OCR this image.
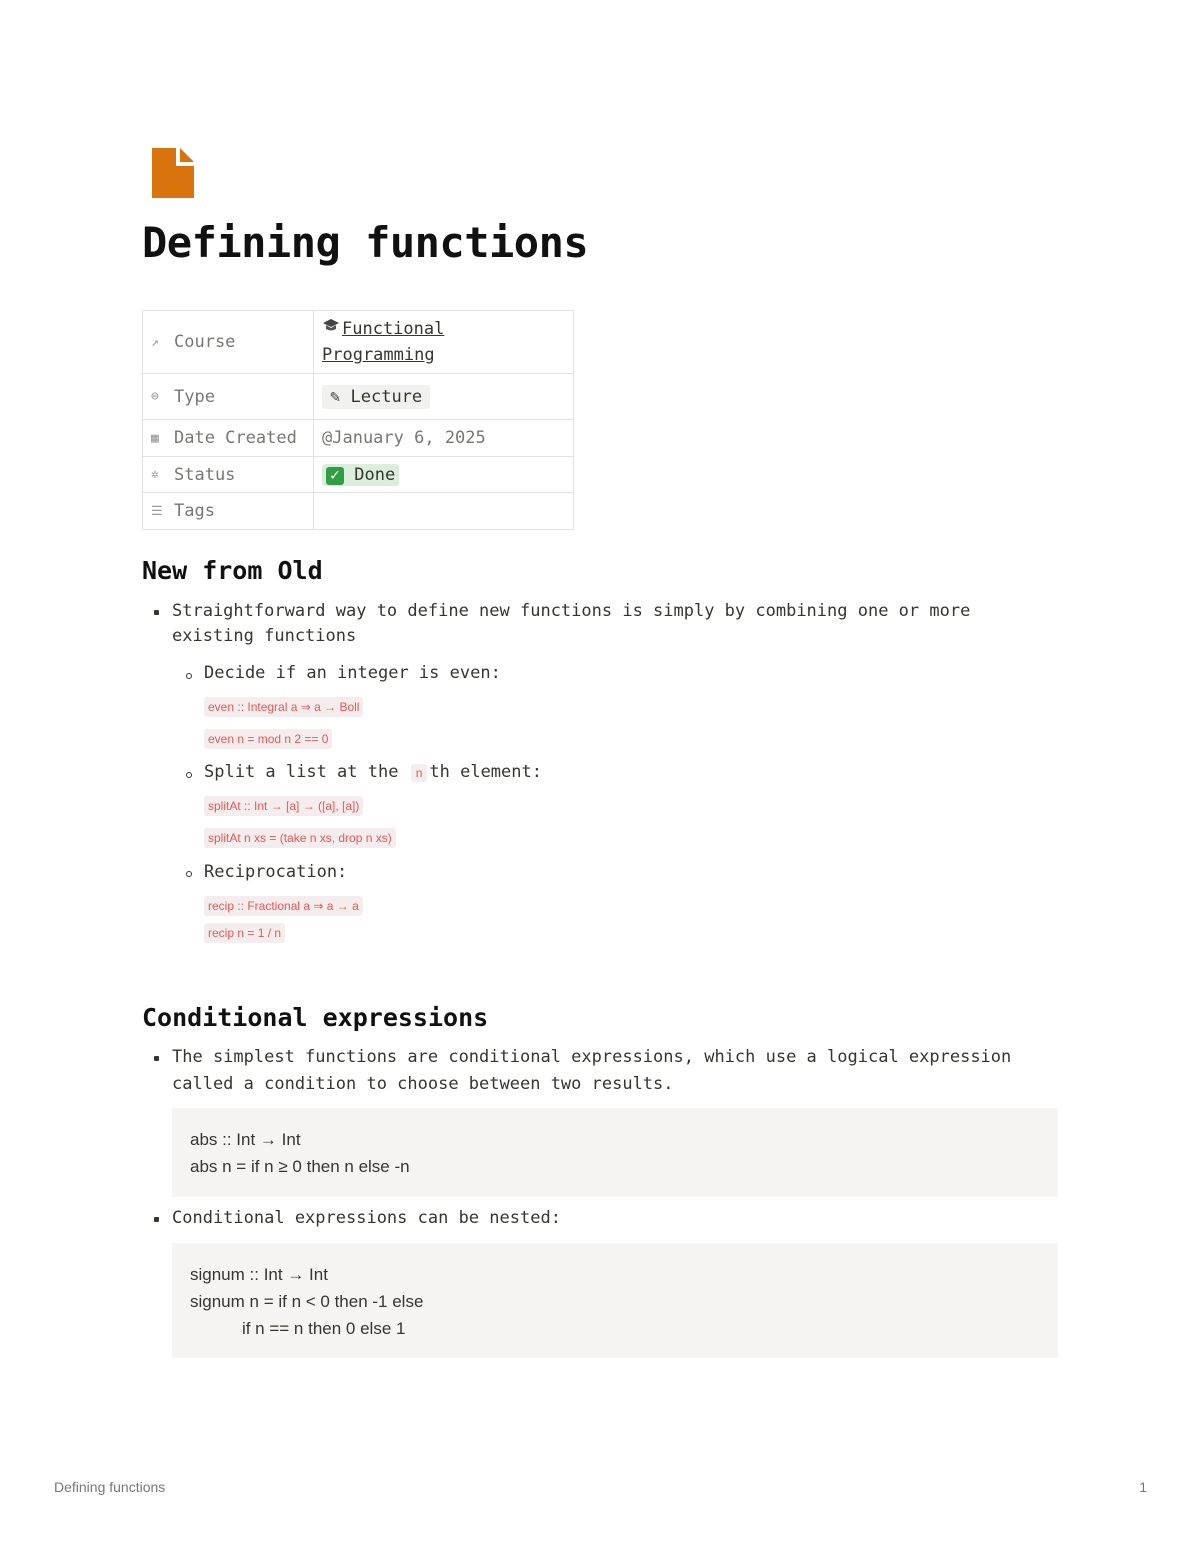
Defining functions
↗ Course	Functional Programming
⊜ Type	✎ Lecture
▦ Date Created	@January 6, 2025
✲ Status	✓ Done
☰ Tags	
New from Old
Straightforward way to define new functions is simply by combining one or more
existing functions
Decide if an integer is even:
even :: Integral a ⇒ a → Boll
even n = mod n 2 == 0
Split a list at the n th element:
splitAt :: Int → [a] → ([a], [a])
splitAt n xs = (take n xs, drop n xs)
Reciprocation:
recip :: Fractional a ⇒ a → a
recip n = 1 / n
Conditional expressions
The simplest functions are conditional expressions, which use a logical expression
called a condition to choose between two results.
abs :: Int → Int
abs n = if n ≥ 0 then n else -n
Conditional expressions can be nested:
signum :: Int → Int
signum n = if n < 0 then -1 else
if n == n then 0 else 1
Defining functions	1
